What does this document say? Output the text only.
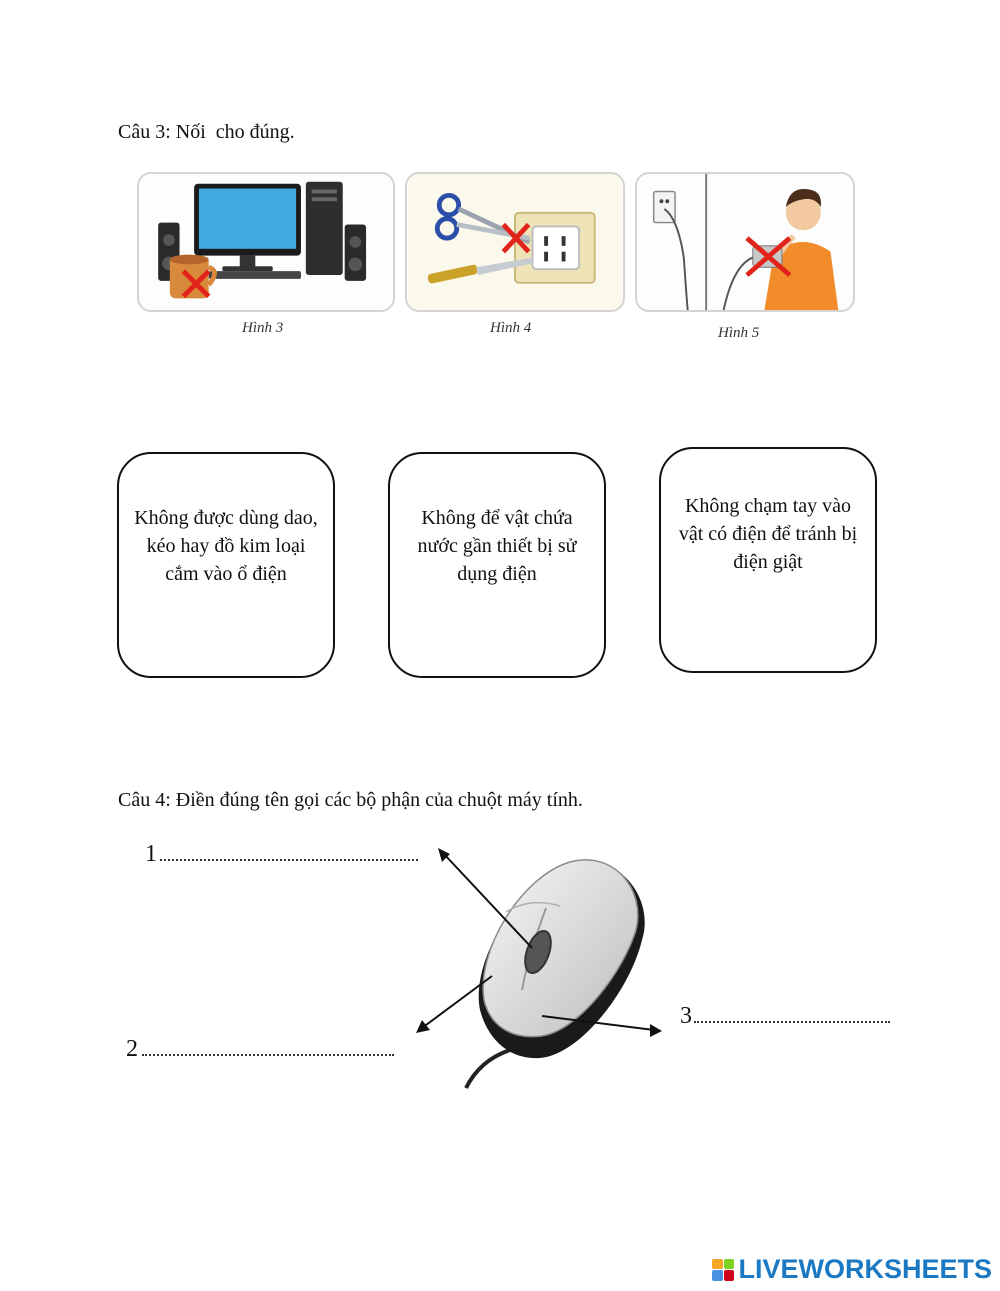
Câu 3: Nối  cho đúng.
Hình 3	Hình 4	Hình 5
Không được dùng dao, kéo hay đồ kim loại cắm vào ổ điện
Không để vật chứa nước gần thiết bị sử dụng điện
Không chạm tay vào vật có điện để tránh bị điện giật
Câu 4: Điền đúng tên gọi các bộ phận của chuột máy tính.
1
2
3
LIVEWORKSHEETS
